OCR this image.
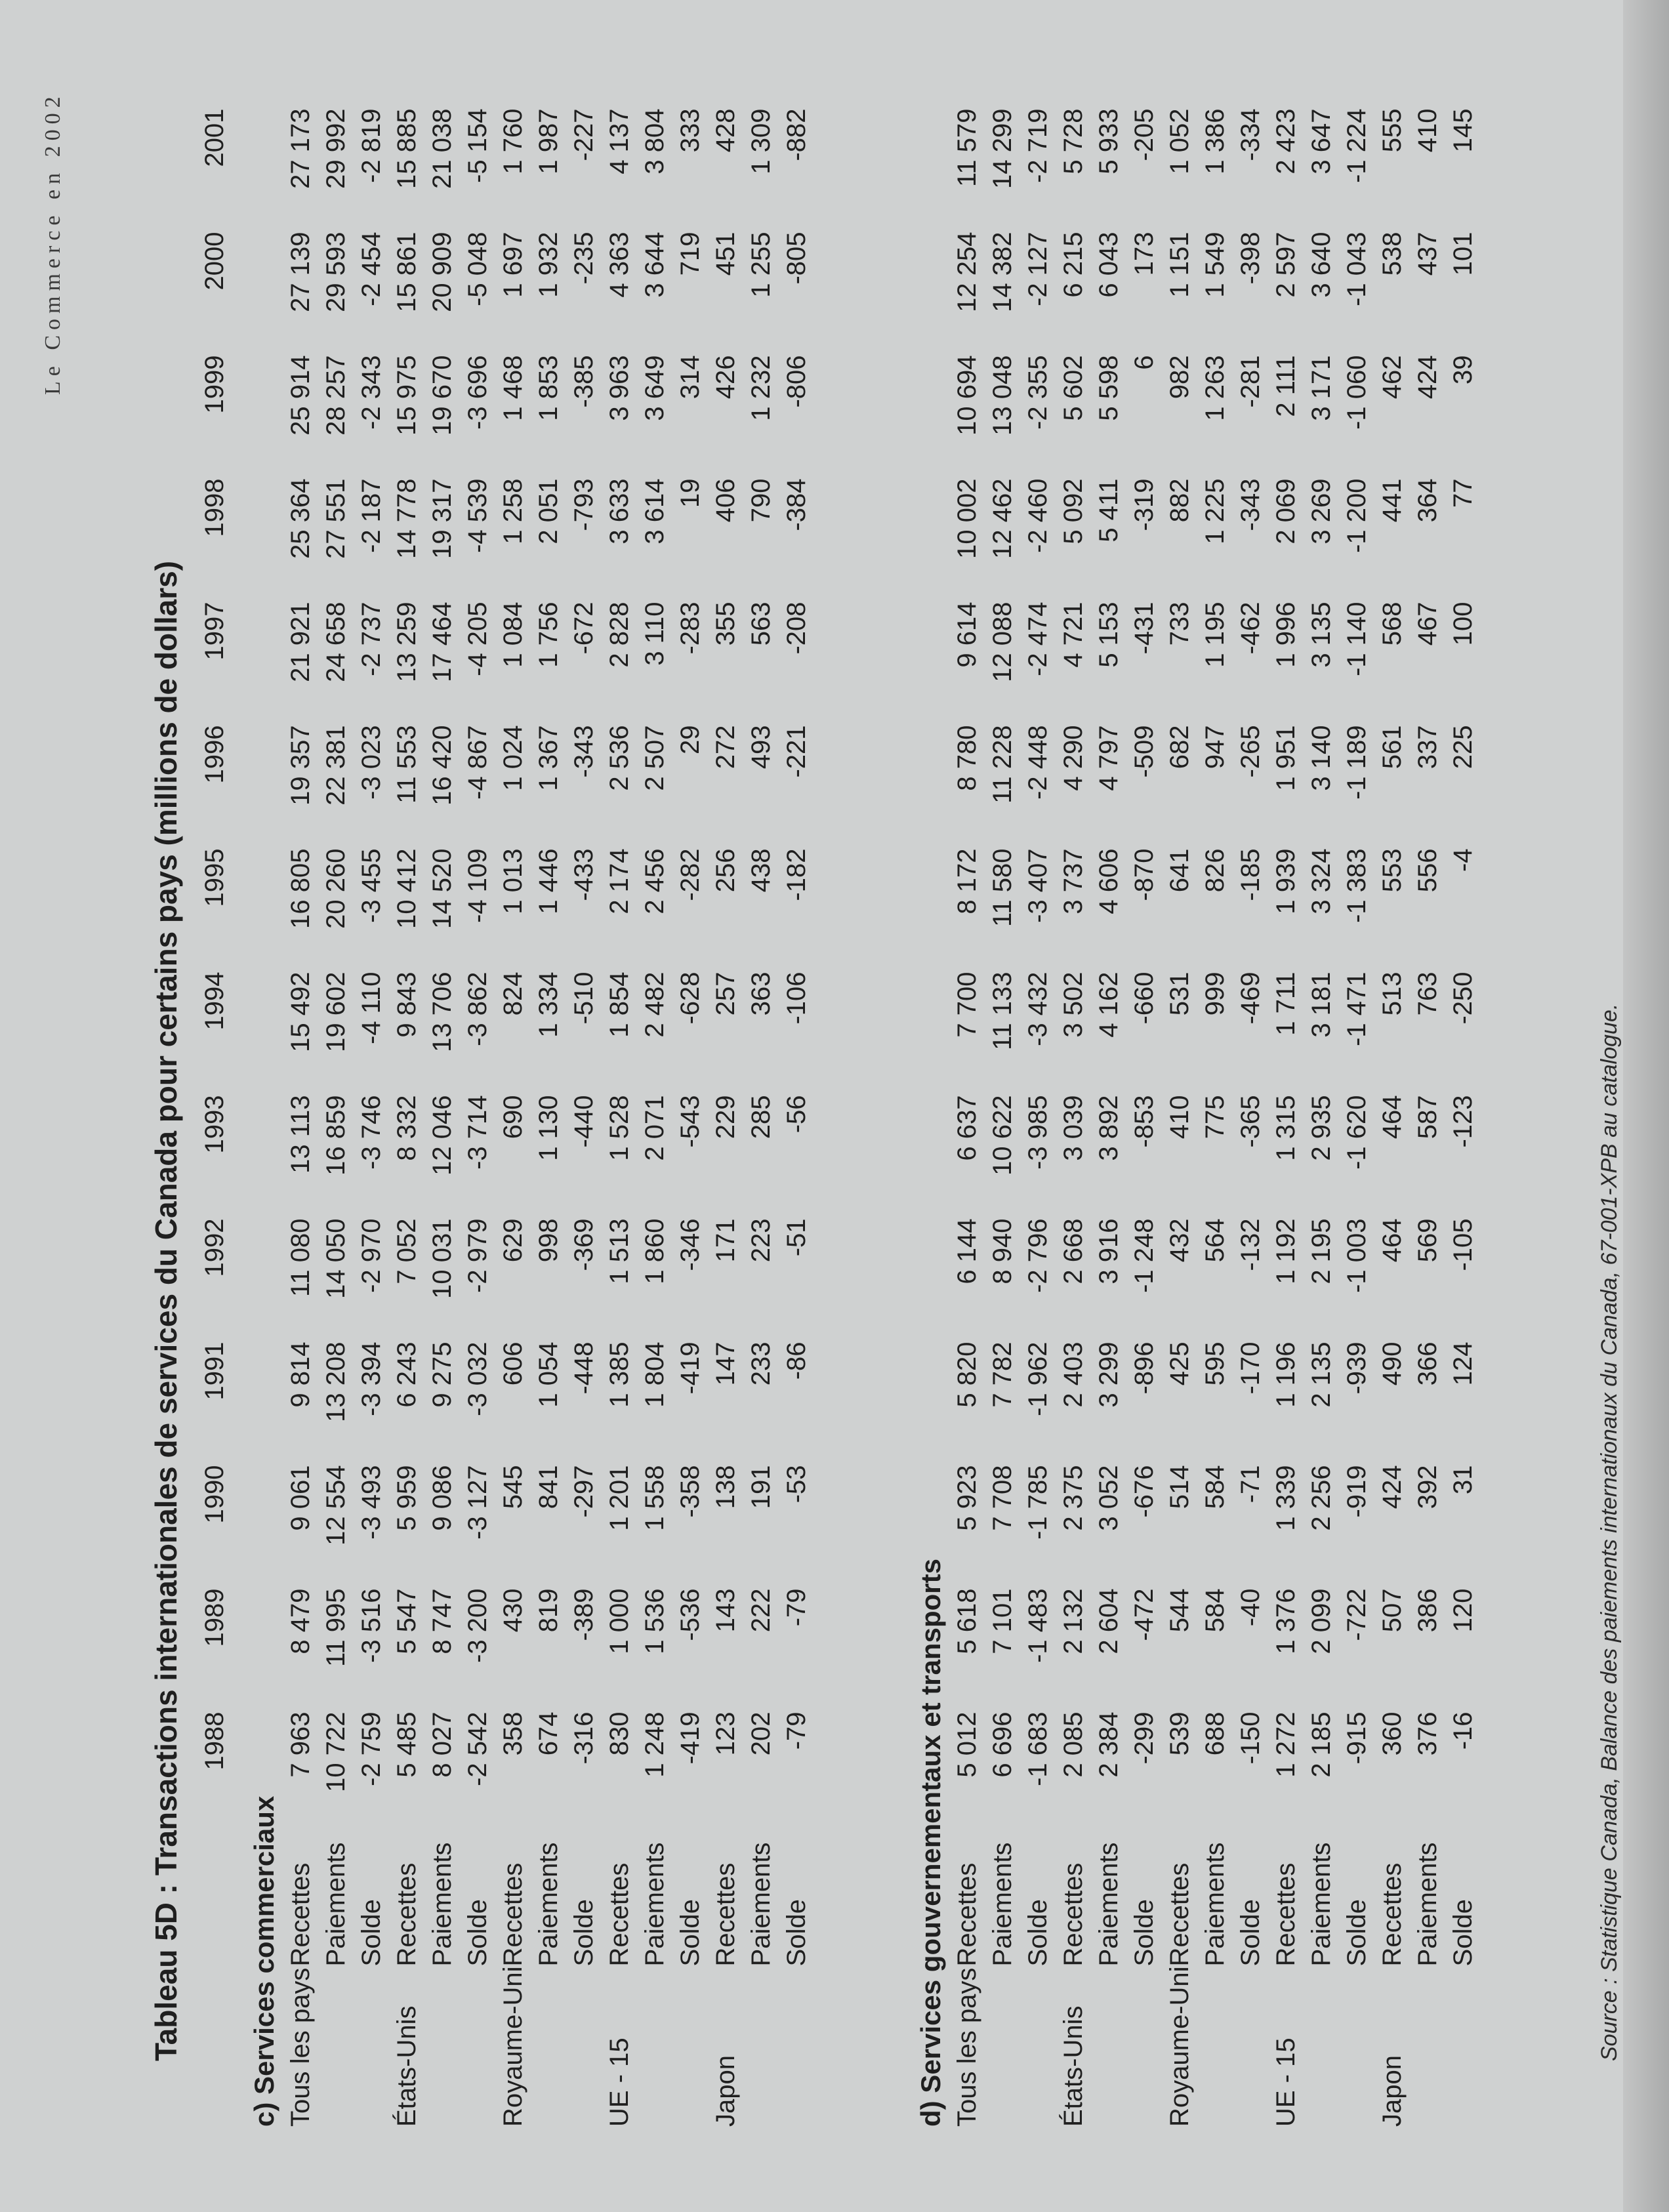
Le Commerce en 2002
Tableau 5D : Transactions internationales de services du Canada pour certains pays (millions de dollars)
		1988	1989	1990	1991	1992	1993	1994	1995	1996	1997	1998	1999	2000	2001
c) Services commerciaux															
Tous les pays	Recettes	7 963	8 479	9 061	9 814	11 080	13 113	15 492	16 805	19 357	21 921	25 364	25 914	27 139	27 173
	Paiements	10 722	11 995	12 554	13 208	14 050	16 859	19 602	20 260	22 381	24 658	27 551	28 257	29 593	29 992
	Solde	-2 759	-3 516	-3 493	-3 394	-2 970	-3 746	-4 110	-3 455	-3 023	-2 737	-2 187	-2 343	-2 454	-2 819
États-Unis	Recettes	5 485	5 547	5 959	6 243	7 052	8 332	9 843	10 412	11 553	13 259	14 778	15 975	15 861	15 885
	Paiements	8 027	8 747	9 086	9 275	10 031	12 046	13 706	14 520	16 420	17 464	19 317	19 670	20 909	21 038
	Solde	-2 542	-3 200	-3 127	-3 032	-2 979	-3 714	-3 862	-4 109	-4 867	-4 205	-4 539	-3 696	-5 048	-5 154
Royaume-Uni	Recettes	358	430	545	606	629	690	824	1 013	1 024	1 084	1 258	1 468	1 697	1 760
	Paiements	674	819	841	1 054	998	1 130	1 334	1 446	1 367	1 756	2 051	1 853	1 932	1 987
	Solde	-316	-389	-297	-448	-369	-440	-510	-433	-343	-672	-793	-385	-235	-227
UE - 15	Recettes	830	1 000	1 201	1 385	1 513	1 528	1 854	2 174	2 536	2 828	3 633	3 963	4 363	4 137
	Paiements	1 248	1 536	1 558	1 804	1 860	2 071	2 482	2 456	2 507	3 110	3 614	3 649	3 644	3 804
	Solde	-419	-536	-358	-419	-346	-543	-628	-282	29	-283	19	314	719	333
Japon	Recettes	123	143	138	147	171	229	257	256	272	355	406	426	451	428
	Paiements	202	222	191	233	223	285	363	438	493	563	790	1 232	1 255	1 309
	Solde	-79	-79	-53	-86	-51	-56	-106	-182	-221	-208	-384	-806	-805	-882

d) Services gouvernementaux et transports															
Tous les pays	Recettes	5 012	5 618	5 923	5 820	6 144	6 637	7 700	8 172	8 780	9 614	10 002	10 694	12 254	11 579
	Paiements	6 696	7 101	7 708	7 782	8 940	10 622	11 133	11 580	11 228	12 088	12 462	13 048	14 382	14 299
	Solde	-1 683	-1 483	-1 785	-1 962	-2 796	-3 985	-3 432	-3 407	-2 448	-2 474	-2 460	-2 355	-2 127	-2 719
États-Unis	Recettes	2 085	2 132	2 375	2 403	2 668	3 039	3 502	3 737	4 290	4 721	5 092	5 602	6 215	5 728
	Paiements	2 384	2 604	3 052	3 299	3 916	3 892	4 162	4 606	4 797	5 153	5 411	5 598	6 043	5 933
	Solde	-299	-472	-676	-896	-1 248	-853	-660	-870	-509	-431	-319	6	173	-205
Royaume-Uni	Recettes	539	544	514	425	432	410	531	641	682	733	882	982	1 151	1 052
	Paiements	688	584	584	595	564	775	999	826	947	1 195	1 225	1 263	1 549	1 386
	Solde	-150	-40	-71	-170	-132	-365	-469	-185	-265	-462	-343	-281	-398	-334
UE - 15	Recettes	1 272	1 376	1 339	1 196	1 192	1 315	1 711	1 939	1 951	1 996	2 069	2 111	2 597	2 423
	Paiements	2 185	2 099	2 256	2 135	2 195	2 935	3 181	3 324	3 140	3 135	3 269	3 171	3 640	3 647
	Solde	-915	-722	-919	-939	-1 003	-1 620	-1 471	-1 383	-1 189	-1 140	-1 200	-1 060	-1 043	-1 224
Japon	Recettes	360	507	424	490	464	464	513	553	561	568	441	462	538	555
	Paiements	376	386	392	366	569	587	763	556	337	467	364	424	437	410
	Solde	-16	120	31	124	-105	-123	-250	-4	225	100	77	39	101	145
Source : Statistique Canada, Balance des paiements internationaux du Canada, 67-001-XPB au catalogue.
